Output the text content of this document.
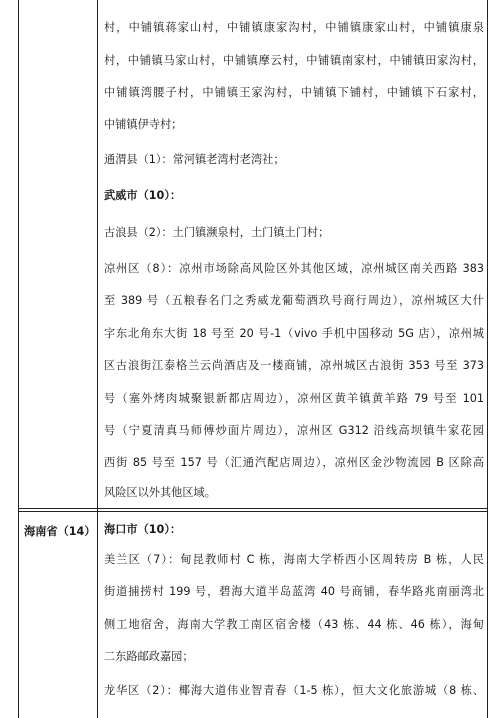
村，中铺镇蒋家山村，中铺镇康家沟村，中铺镇康家山村，中铺镇康泉
村，中铺镇马家山村，中铺镇摩云村，中铺镇南家村，中铺镇田家沟村，
中铺镇湾腰子村，中铺镇王家沟村，中铺镇下铺村，中铺镇下石家村，
中铺镇伊寺村；
通渭县（1）：常河镇老湾村老湾社；
武威市（10）：
古浪县（2）：土门镇濒泉村，土门镇土门村；
凉州区（8）：凉州市场除高风险区外其他区域，凉州城区南关西路 383
至 389 号（五粮春名门之秀威龙葡萄酒玖号商行周边），凉州城区大什
字东北角东大街 18 号至 20 号-1（vivo 手机中国移动 5G 店），凉州城
区古浪街江泰格兰云尚酒店及一楼商铺，凉州城区古浪街 353 号至 373
号（塞外烤肉城聚银新都店周边），凉州区黄羊镇黄羊路 79 号至 101
号（宁夏清真马师傅炒面片周边），凉州区 G312 沿线高坝镇牛家花园
西街 85 号至 157 号（汇通汽配店周边），凉州区金沙物流园 B 区除高
风险区以外其他区域。
海南省（14） 海口市（10）：
美兰区（7）：甸昆教师村 C 栋，海南大学桥西小区周转房 B 栋，人民
街道捕捞村 199 号，碧海大道半岛蓝湾 40 号商铺，春华路兆南丽湾北
侧工地宿舍，海南大学教工南区宿舍楼（43 栋、44 栋、46 栋），海甸
二东路邮政嘉园；
龙华区（2）：椰海大道伟业智青春（1-5 栋），恒大文化旅游城（8 栋、
